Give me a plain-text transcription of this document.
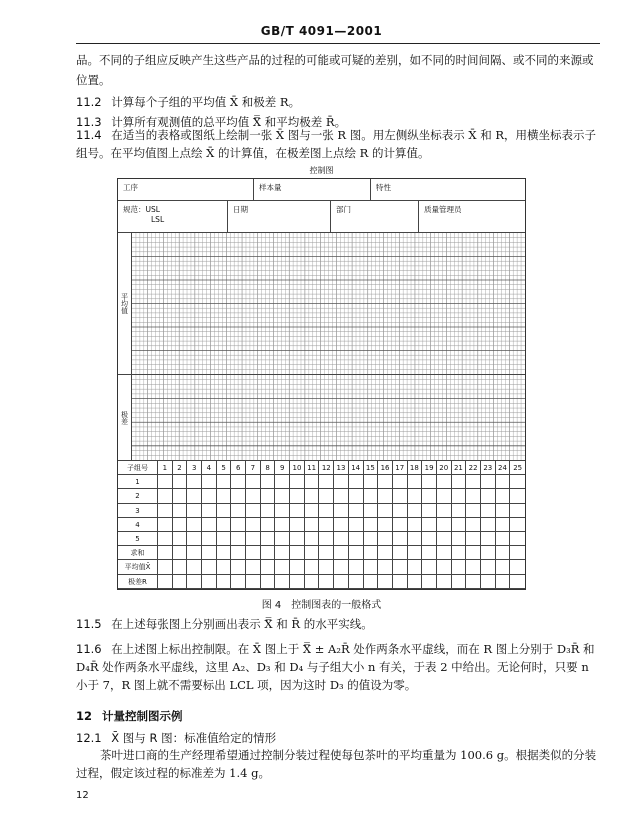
GB/T 4091—2001
品。不同的子组应反映产生这些产品的过程的可能或可疑的差别，如不同的时间间隔、或不同的来源或位置。
11.2 计算每个子组的平均值 X̄ 和极差 R。
11.3 计算所有观测值的总平均值 X̿ 和平均极差 R̄。
11.4 在适当的表格或图纸上绘制一张 X̄ 图与一张 R 图。用左侧纵坐标表示 X̄ 和 R，用横坐标表示子组号。在平均值图上点绘 X̄ 的计算值，在极差图上点绘 R 的计算值。
控制图
工序	样本量	特性
规范：USL
LSL
日期	部门	质量管理员
平均值
极差
子组号	1	2	3	4	5	6	7	8	9	10 11 12 13 14 15 16 17 18 19 20 21 22 23 24 25
1
2
3
4
5
求和
平均值X̄
极差R
图 4　控制图表的一般格式
11.5 在上述每张图上分别画出表示 X̿ 和 R̄ 的水平实线。
11.6 在上述图上标出控制限。在 X̄ 图上于 X̿ ± A₂R̄ 处作两条水平虚线，而在 R 图上分别于 D₃R̄ 和 D₄R̄ 处作两条水平虚线，这里 A₂、D₃ 和 D₄ 与子组大小 n 有关，于表 2 中给出。无论何时，只要 n 小于 7，R 图上就不需要标出 LCL 项，因为这时 D₃ 的值设为零。
12 计量控制图示例
12.1 X̄ 图与 R 图：标准值给定的情形
茶叶进口商的生产经理希望通过控制分装过程使每包茶叶的平均重量为 100.6 g。根据类似的分装过程，假定该过程的标准差为 1.4 g。
12
